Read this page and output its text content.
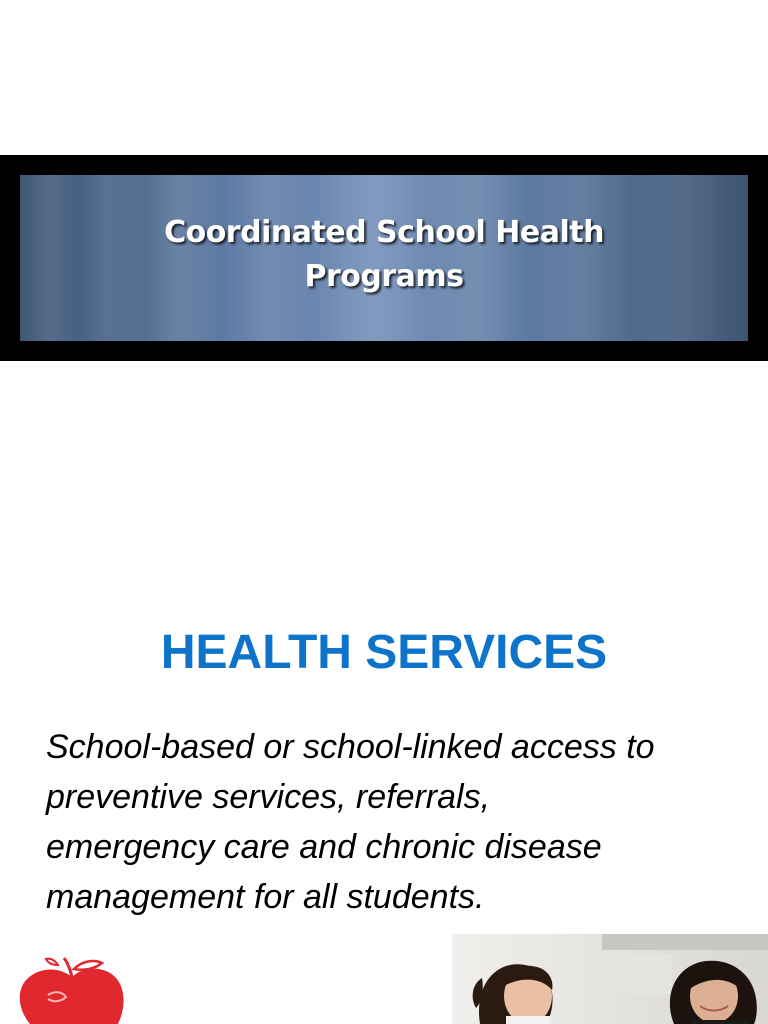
Coordinated School Health
Programs
HEALTH SERVICES

School-based or school-linked access to
preventive services, referrals,
emergency care and chronic disease
management for all students.
